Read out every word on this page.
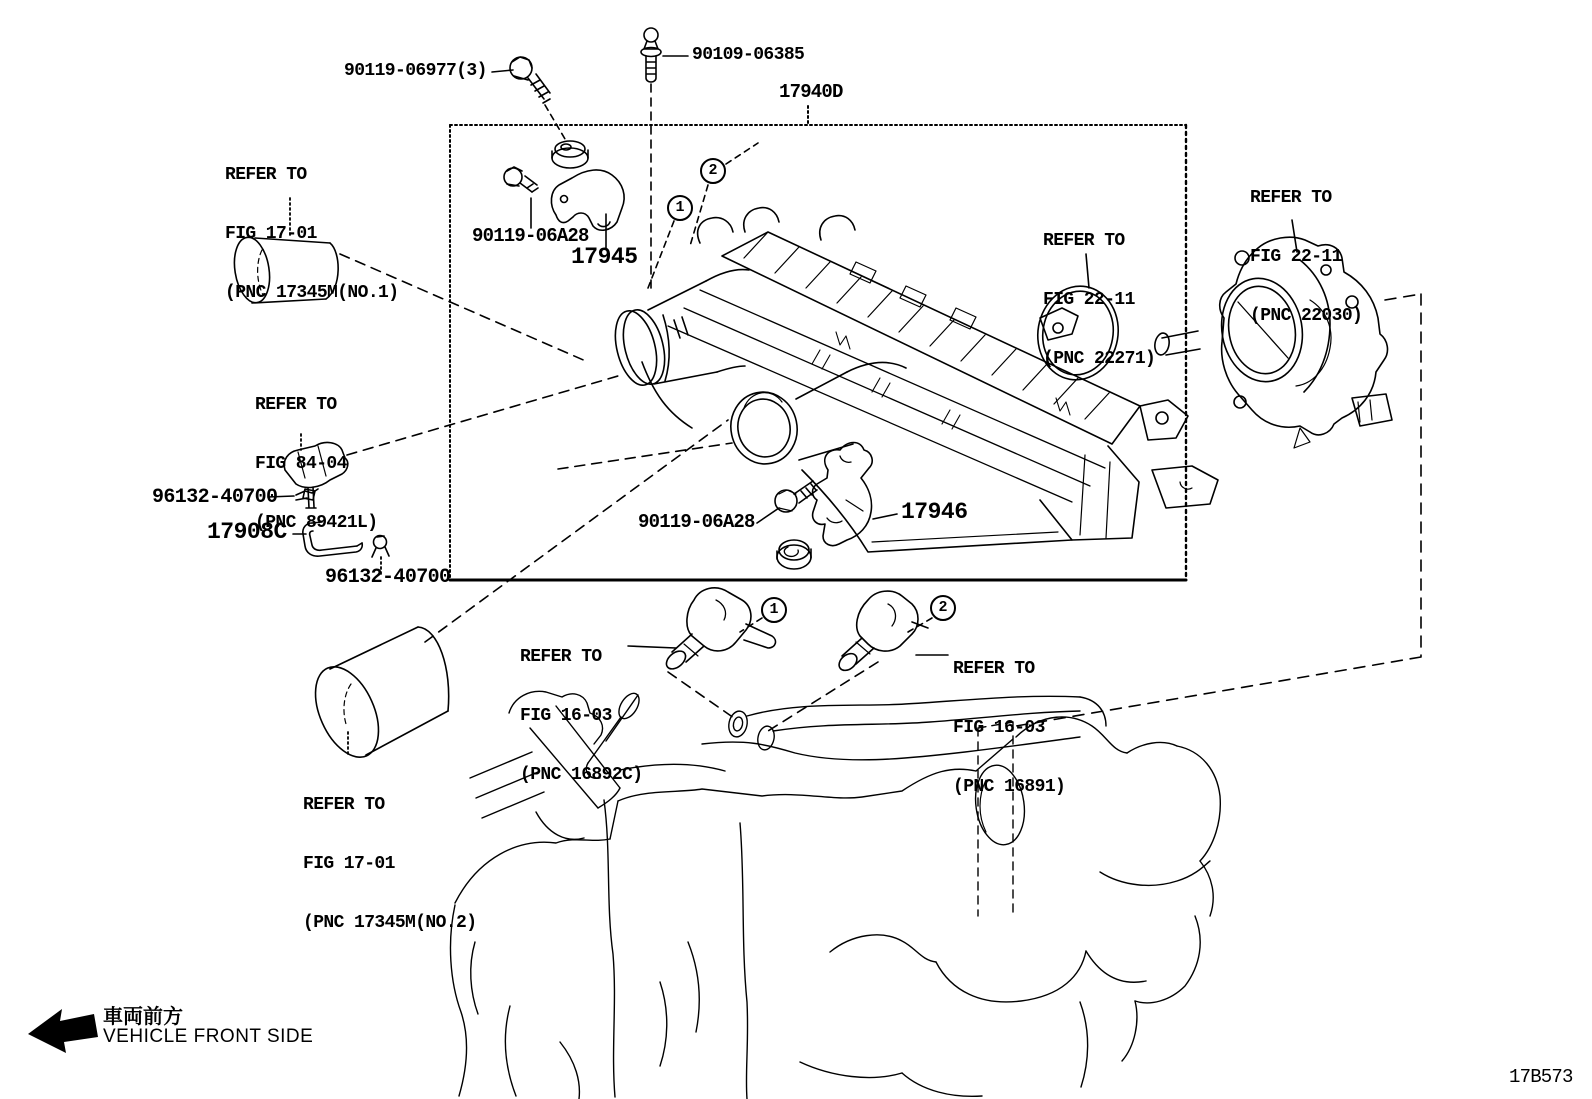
90119-06977(3)
90109-06385
17940D

REFER TO

FIG 17-01

(PNC 17345M(NO.1)

90119-06A28
17945

REFER TO

FIG 22-11

(PNC 22271)

REFER TO

FIG 22-11

(PNC 22030)

REFER TO

FIG 84-04

(PNC 89421L)

96132-40700
17908C
96132-40700
90119-06A28	17946

REFER TO

FIG 16-03

(PNC 16892C)

REFER TO

FIG 16-03

(PNC 16891)

REFER TO

FIG 17-01

(PNC 17345M(NO.2)

1
2
1	2
車両前方
VEHICLE FRONT SIDE
17B573
